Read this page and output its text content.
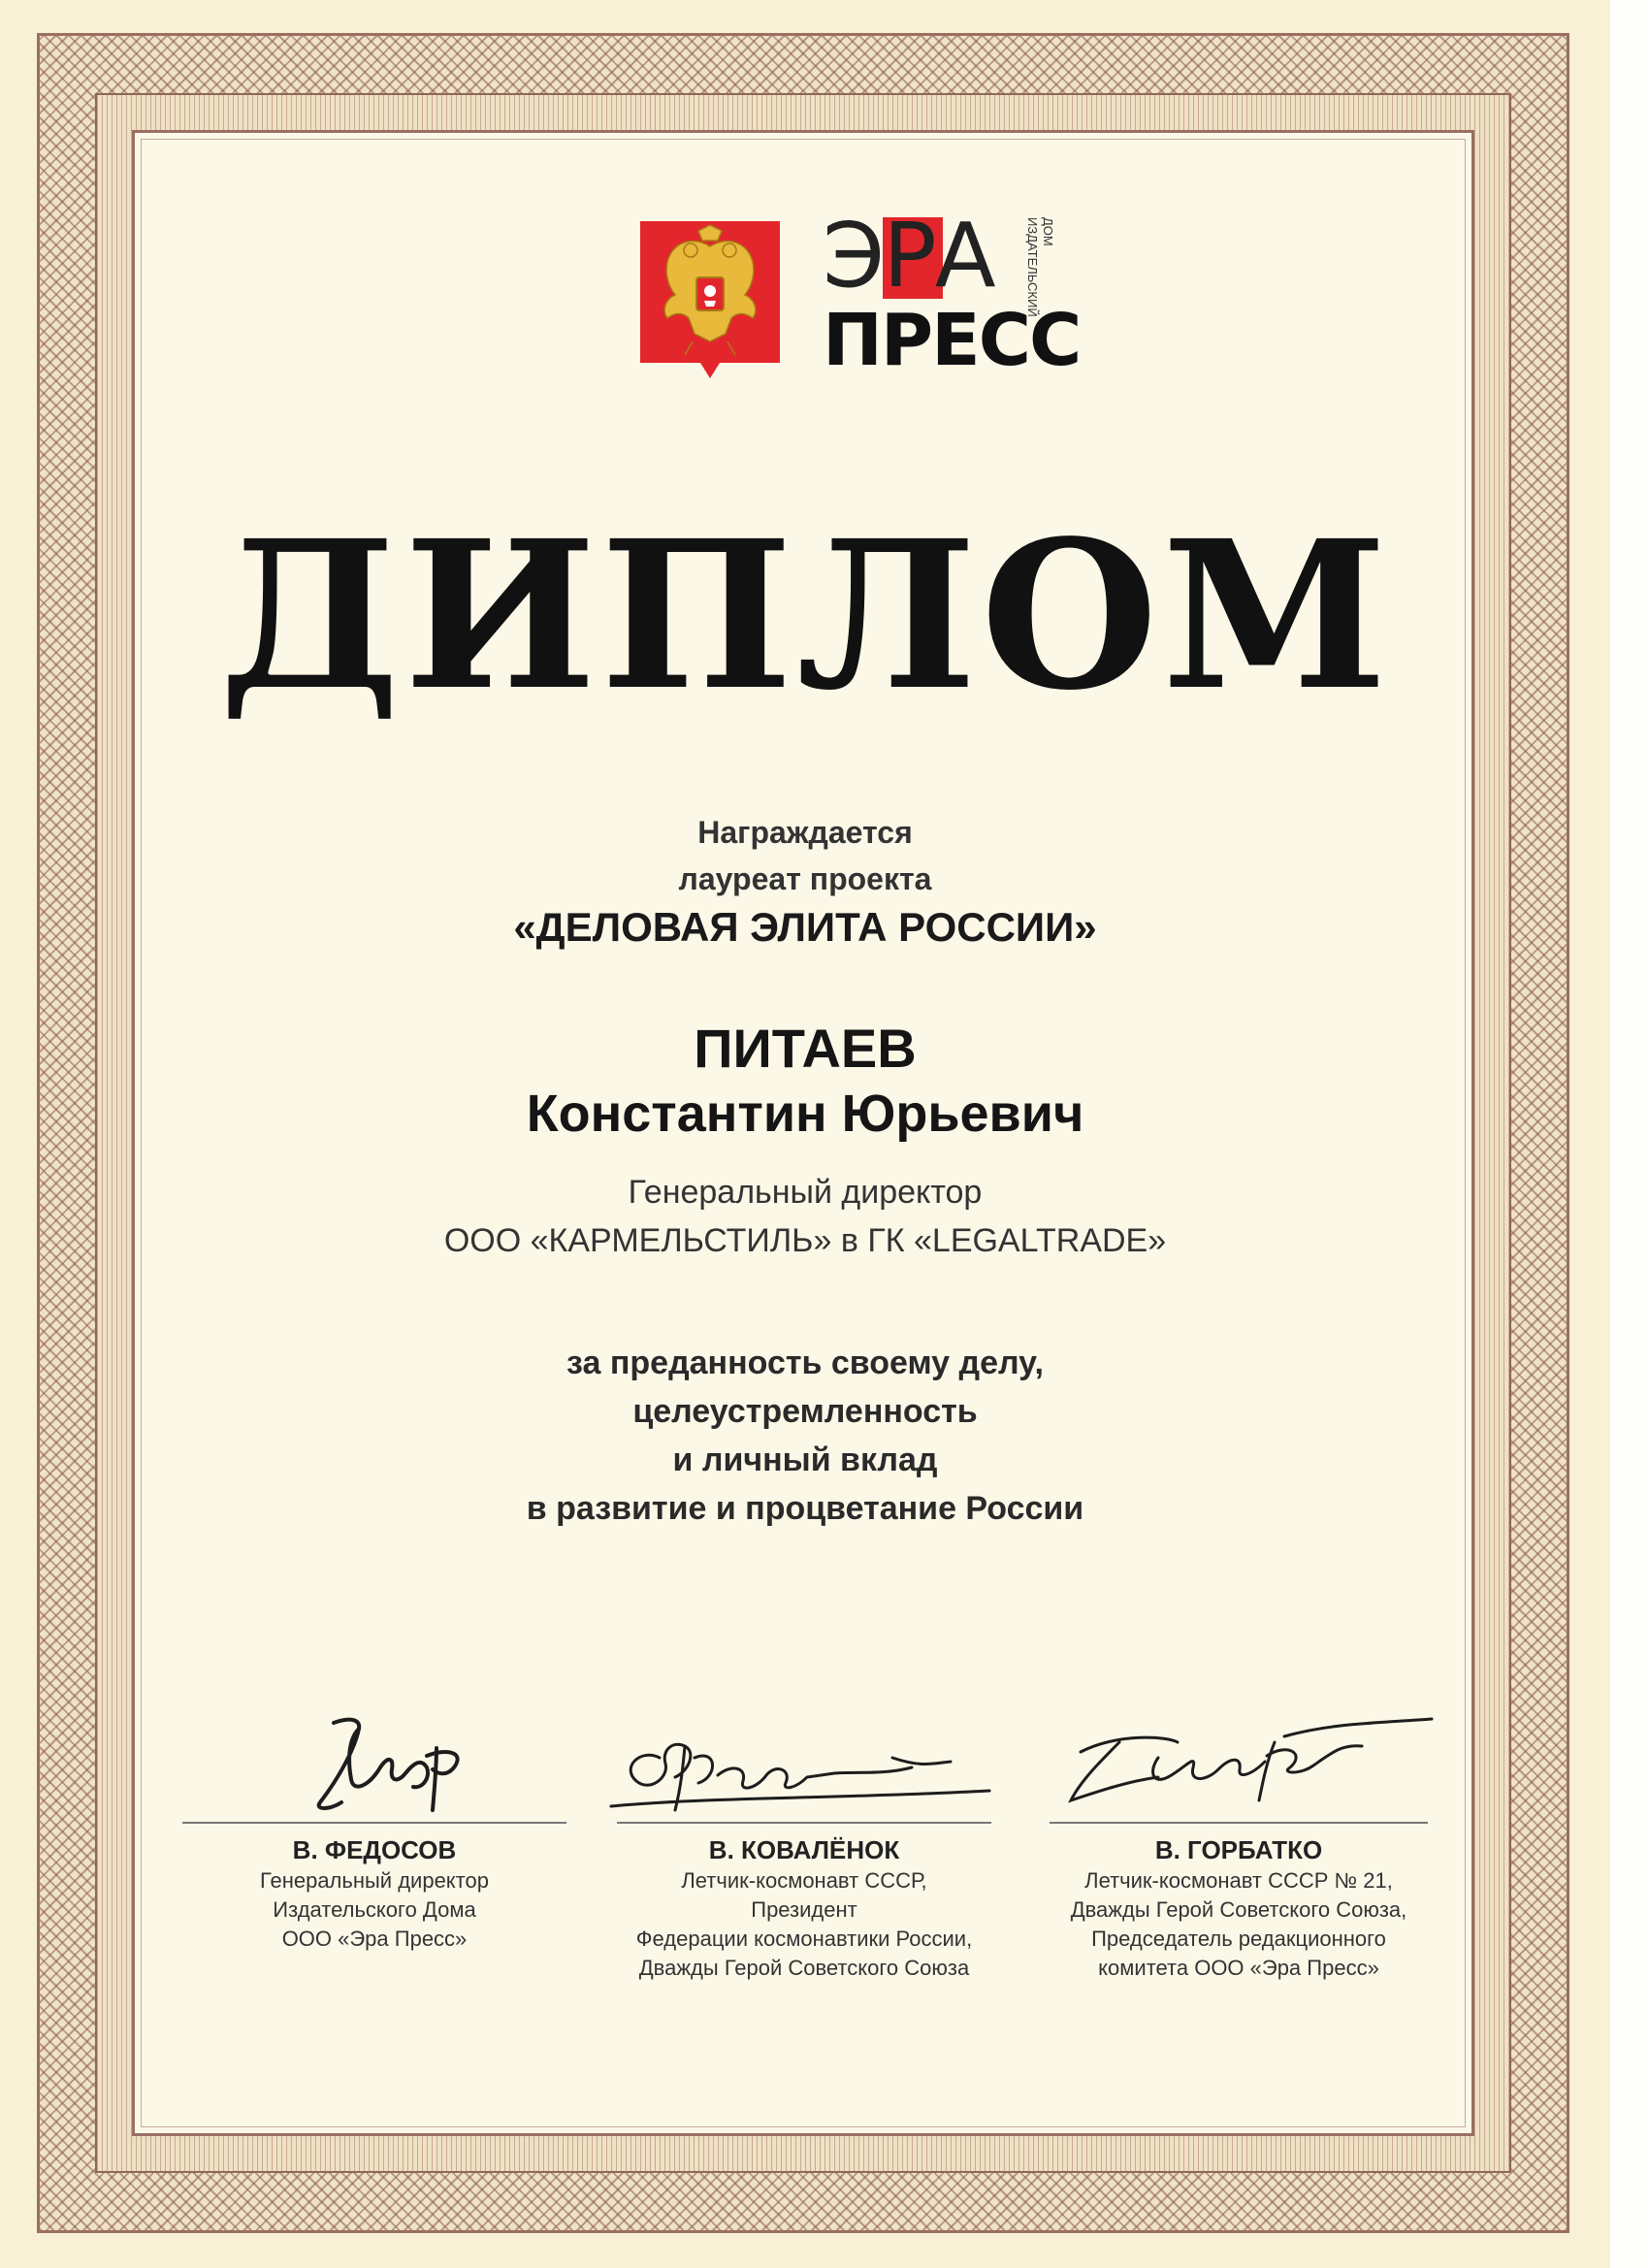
ЭРА
ПРЕСС
ИЗДАТЕЛЬСКИЙ ДОМ
ДИПЛОМ
Награждается
лауреат проекта
«ДЕЛОВАЯ ЭЛИТА РОССИИ»
ПИТАЕВ
Константин Юрьевич
Генеральный директор
ООО «КАРМЕЛЬСТИЛЬ» в ГК «LEGALTRADE»
за преданность своему делу,
целеустремленность
и личный вклад
в развитие и процветание России
В. ФЕДОСОВ
Генеральный директор
Издательского Дома
ООО «Эра Пресс»
В. КОВАЛЁНОК
Летчик-космонавт СССР,
Президент
Федерации космонавтики России,
Дважды Герой Советского Союза
В. ГОРБАТКО
Летчик-космонавт СССР № 21,
Дважды Герой Советского Союза,
Председатель редакционного
комитета ООО «Эра Пресс»
